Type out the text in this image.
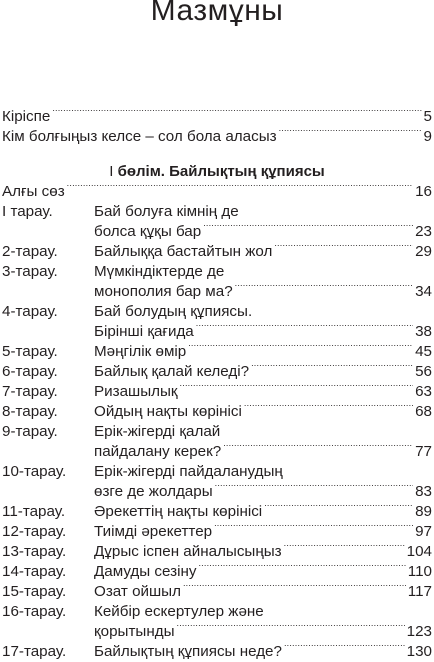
Мазмұны
Кіріспе .....	5
Кім болғыңыз келсе – сол бола аласыз .....	9
I бөлім. Байлықтың құпиясы
Алғы сөз .....	16
I тарау.	Бай болуға кімнің де
болса құқы бар .....	23
2-тарау. Байлыққа бастайтын жол .....	29
3-тарау. Мүмкіндіктерде де
монополия бар ма? .....	34
4-тарау. Бай болудың құпиясы.
Бірінші қағида .....	38
5-тарау. Мәңгілік өмір .....	45
6-тарау. Байлық қалай келеді? .....	56
7-тарау. Ризашылық .....	63
8-тарау. Ойдың нақты көрінісі .....	68
9-тарау. Ерік-жігерді қалай
пайдалану керек? .....	77
10-тарау. Ерік-жігерді пайдаланудың
өзге де жолдары .....	83
11-тарау. Әрекеттің нақты көрінісі .....	89
12-тарау. Тиімді әрекеттер .....	97
13-тарау. Дұрыс іспен айналысыңыз .....	104
14-тарау. Дамуды сезіну .....	110
15-тарау. Озат ойшыл .....	117
16-тарау. Кейбір ескертулер және
қорытынды .....	123
17-тарау. Байлықтың құпиясы неде? .....	130
